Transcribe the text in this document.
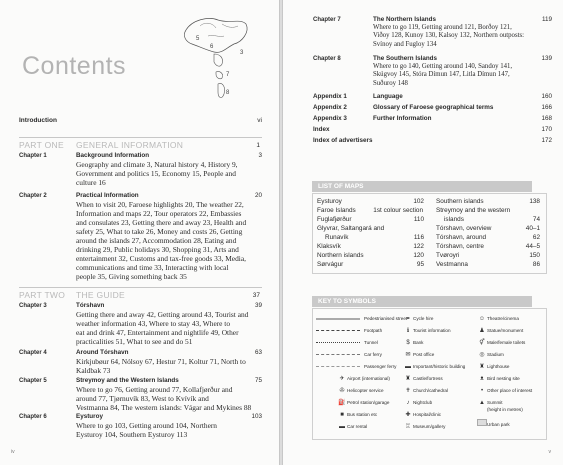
5
6
3
7
8
Contents
Introduction	vi
PART ONE GENERAL INFORMATION	1
Chapter 1	Background Information	3
Geography and climate 3, Natural history 4, History 9,
Government and politics 15, Economy 15, People and
culture 16
Chapter 2	Practical Information	20
When to visit 20, Faroese highlights 20, The weather 22,
Information and maps 22, Tour operators 22, Embassies
and consulates 23, Getting there and away 23, Health and
safety 25, What to take 26, Money and costs 26, Getting
around the islands 27, Accommodation 28, Eating and
drinking 29, Public holidays 30, Shopping 31, Arts and
entertainment 32, Customs and tax-free goods 33, Media,
communications and time 33, Interacting with local
people 35, Giving something back 35
PART TWO THE GUIDE	37
Chapter 3	Tórshavn	39
Getting there and away 42, Getting around 43, Tourist and
weather information 43, Where to stay 43, Where to
eat and drink 47, Entertainment and nightlife 49, Other
practicalities 51, What to see and do 51
Chapter 4	Around Tórshavn	63
Kirkjubøur 64, Nólsoy 67, Hestur 71, Koltur 71, North to
Kaldbak 73
Chapter 5	Streymoy and the Western Islands	75
Where to go 76, Getting around 77, Kollafjørður and
around 77, Tjørnuvík 83, West to Kvívík and
Vestmanna 84, The western islands: Vágar and Mykines 88
Chapter 6	Eysturoy	103
Where to go 103, Getting around 104, Northern
Eysturoy 104, Southern Eysturoy 113
iv
Chapter 7	The Northern Islands	119
Where to go 119, Getting around 121, Borðoy 121,
Viðoy 128, Kunoy 130, Kalsoy 132, Northern outposts:
Svínoy and Fugloy 134
Chapter 8	The Southern Islands	139
Where to go 140, Getting around 140, Sandoy 141,
Skúgvoy 145, Stóra Dímun 147, Litla Dímun 147,
Suðuroy 148
Appendix 1	Language	160
Appendix 2	Glossary of Faroese geographical terms	166
Appendix 3	Further Information	168
Index	170
Index of advertisers	172
LIST OF MAPS
Eysturoy	102
Faroe Islands	1st colour section
Fuglafjørður	110
Glyvrar, Saltangará and
Runavík	116
Klaksvík	122
Northern islands	120
Sørvágur	95
Southern islands	138
Streymoy and the western
islands	74
Tórshavn, overview	40–1
Tórshavn, around	62
Tórshavn, centre	44–5
Tvøroyri	150
Vestmanna	86
KEY TO SYMBOLS
Pedestrianised street
Footpath
Tunnel
Car ferry
Passenger ferry
✈ Airport (international)
✇ Helicopter service
⛽Petrol station/garage
■ Bus station etc
▬ Car rental
⚭ Cycle hire
ℹ Tourist information
$ Bank
✉ Post office
▬ Important/historic building
♜ Castle/fortress
✝ Church/cathedral
♪ Nightclub
✚ Hospital/clinic
♖ Museum/gallery
☺ Theatre/cinema
♟ Statue/monument
⚥ Male/female toilets
◎ Stadium
♜ Lighthouse
ᴥ Bird nesting site
• Other place of interest
▲ Summit
(height in metres)
Urban park
v
